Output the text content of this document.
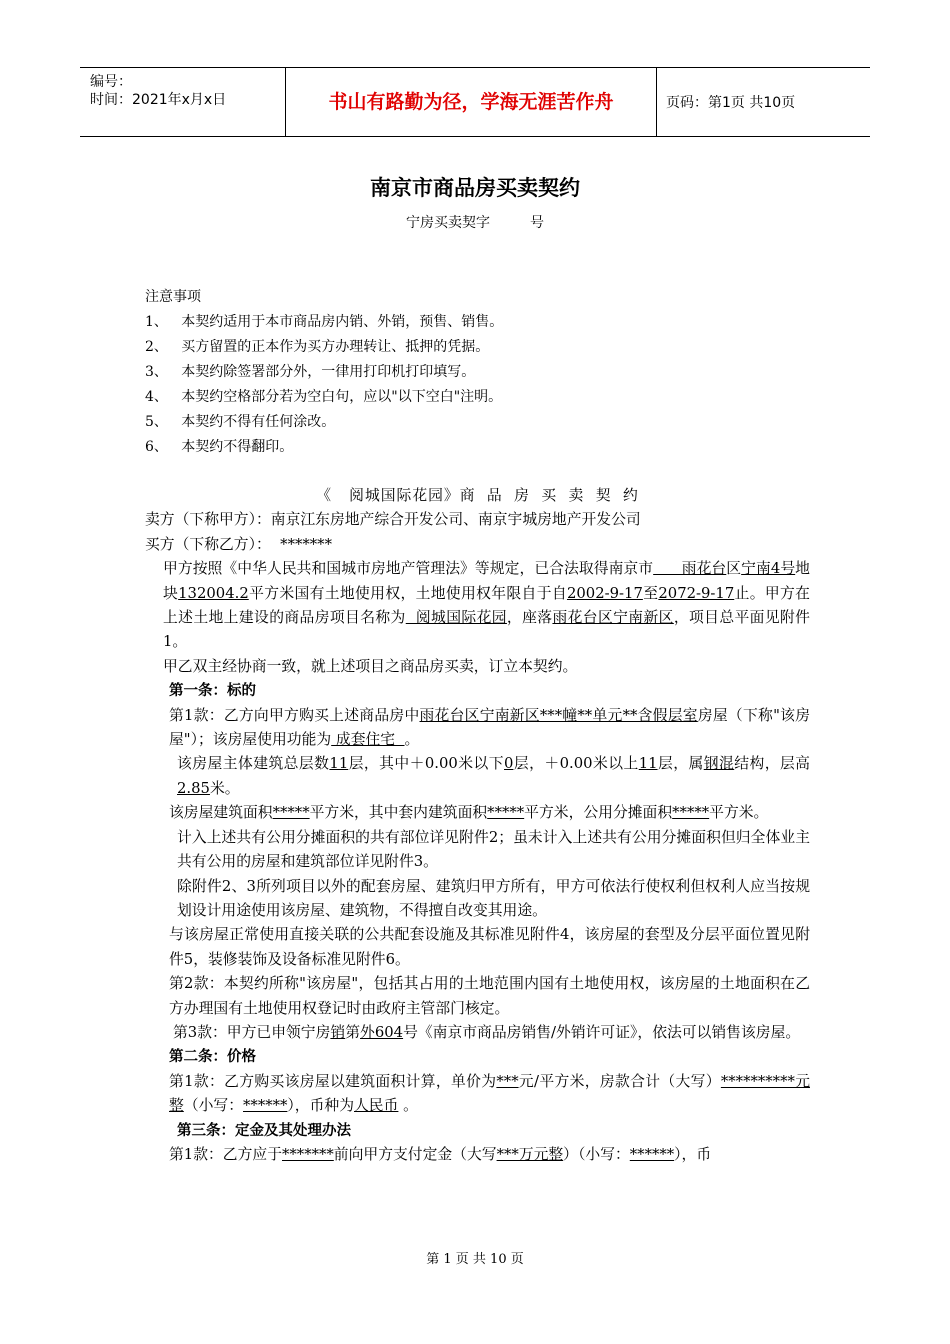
编号：
时间：2021年x月x日	书山有路勤为径，学海无涯苦作舟	页码：第1页 共10页
南京市商品房买卖契约
宁房买卖契字         号
注意事项
1、   本契约适用于本市商品房内销、外销，预售、销售。
2、   买方留置的正本作为买方办理转让、抵押的凭据。
3、   本契约除签署部分外，一律用打印机打印填写。
4、   本契约空格部分若为空白句，应以"以下空白"注明。
5、   本契约不得有任何涂改。
6、   本契约不得翻印。

《   阅城国际花园》商  品  房  买  卖  契  约

卖方（下称甲方）：南京江东房地产综合开发公司、南京宇城房地产开发公司

买方（下称乙方）：  *******

甲方按照《中华人民共和国城市房地产管理法》等规定，已合法取得南京市      雨花台区宁南4号地块132004.2平方米国有土地使用权，土地使用权年限自于自2002-9-17至2072-9-17止。甲方在上述土地上建设的商品房项目名称为  阅城国际花园，座落雨花台区宁南新区，项目总平面见附件1。

甲乙双主经协商一致，就上述项目之商品房买卖，订立本契约。

第一条：标的

第1款：乙方向甲方购买上述商品房中雨花台区宁南新区***幢**单元**含假层室房屋（下称"该房屋"）；该房屋使用功能为 成套住宅  。

该房屋主体建筑总层数11层，其中＋0.00米以下0层，＋0.00米以上11层，属钢混结构，层高2.85米。

该房屋建筑面积*****平方米，其中套内建筑面积*****平方米，公用分摊面积*****平方米。

计入上述共有公用分摊面积的共有部位详见附件2；虽未计入上述共有公用分摊面积但归全体业主共有公用的房屋和建筑部位详见附件3。

除附件2、3所列项目以外的配套房屋、建筑归甲方所有，甲方可依法行使权利但权利人应当按规划设计用途使用该房屋、建筑物，不得擅自改变其用途。

与该房屋正常使用直接关联的公共配套设施及其标准见附件4，该房屋的套型及分层平面位置见附件5，装修装饰及设备标准见附件6。

第2款：本契约所称"该房屋"，包括其占用的土地范围内国有土地使用权，该房屋的土地面积在乙方办理国有土地使用权登记时由政府主管部门核定。

第3款：甲方已申领宁房销第外604号《南京市商品房销售/外销许可证》，依法可以销售该房屋。

第二条：价格

第1款：乙方购买该房屋以建筑面积计算，单价为***元/平方米，房款合计（大写）**********元整（小写：******），币种为人民币 。

第三条：定金及其处理办法

第1款：乙方应于*******前向甲方支付定金（大写***万元整）（小写：******），币

第 1 页 共 10 页
